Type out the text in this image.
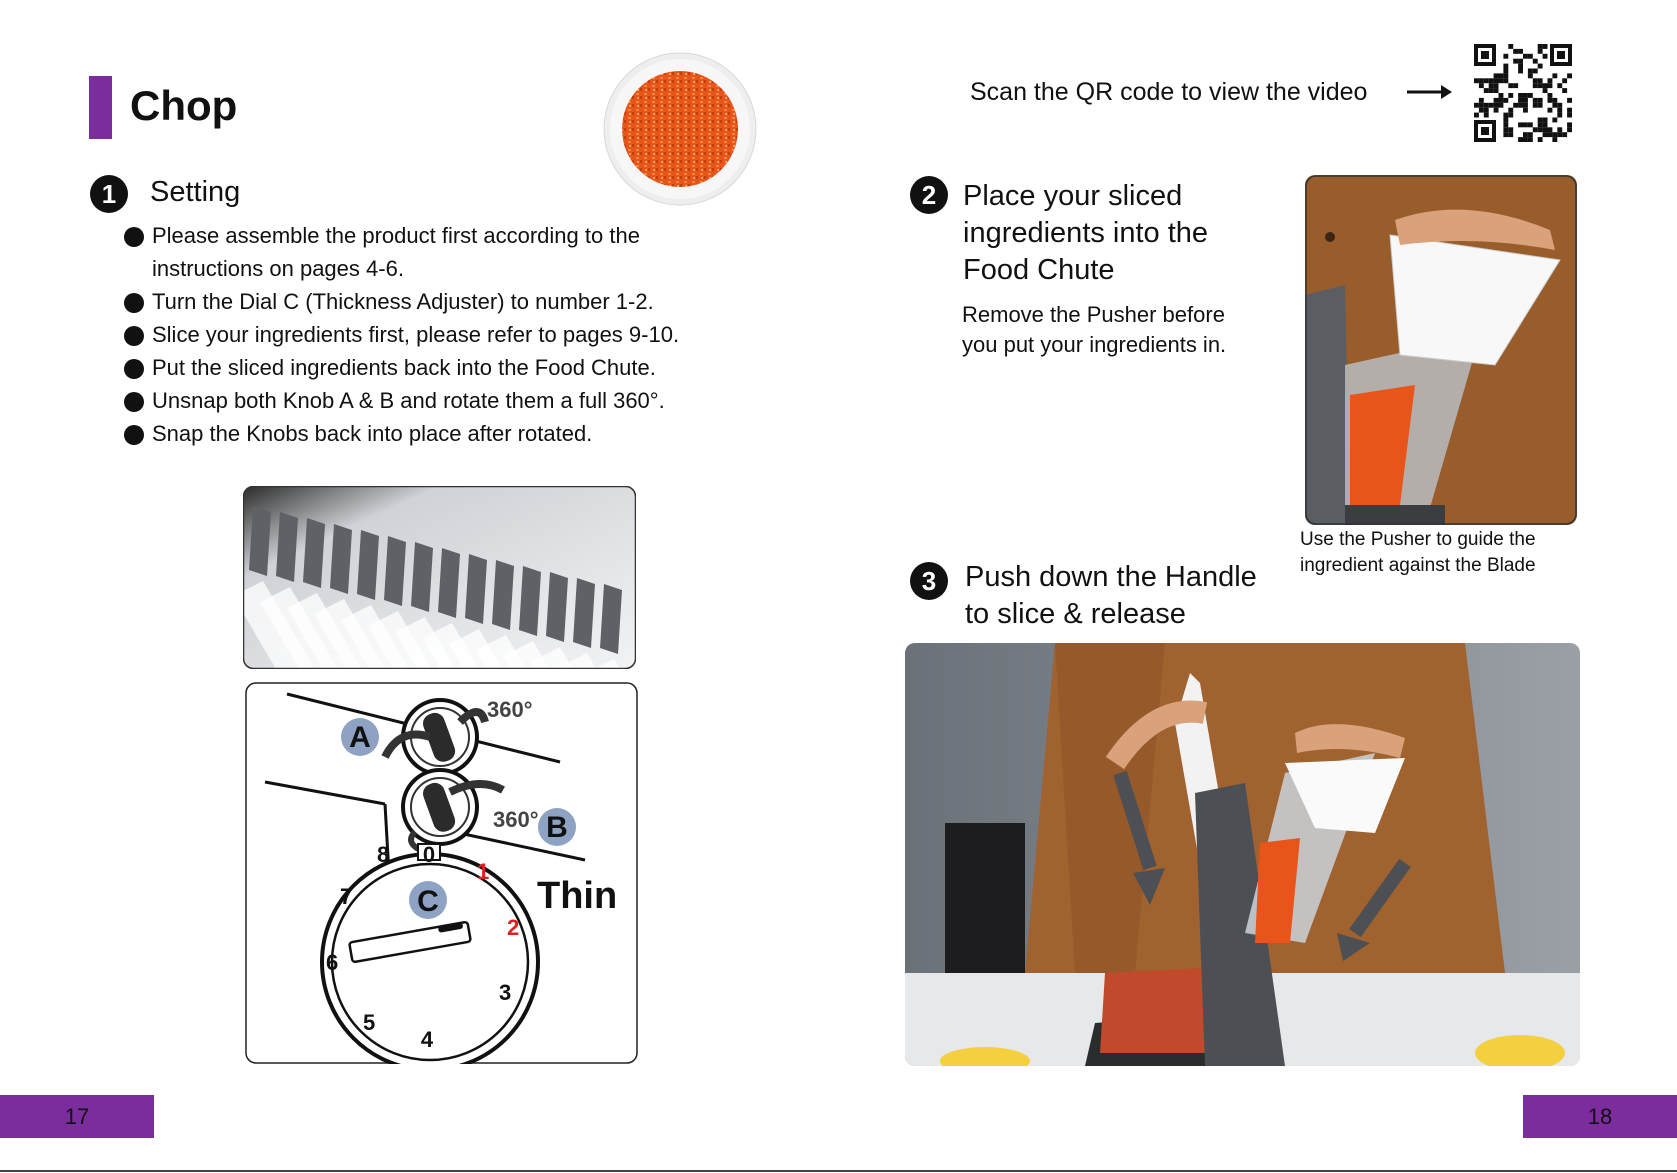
Chop
1	Setting

Please assemble the product first according to the instructions on pages 4-6.
Turn the Dial C (Thickness Adjuster) to number 1-2.
Slice your ingredients first, please refer to pages 9-10.
Put the sliced ingredients back into the Food Chute.
Unsnap both Knob A & B and rotate them a full 360°.
Snap the Knobs back into place after rotated.
A
360°
360° B
C
0
1
2
3
4
5
6
7
8
Thin
17
Scan the QR code to view the video
2 Place your sliced

ingredients into the

Food Chute

Remove the Pusher before
you put your ingredients in.
Use the Pusher to guide the
ingredient against the Blade
3 Push down the Handle

to slice & release

18
